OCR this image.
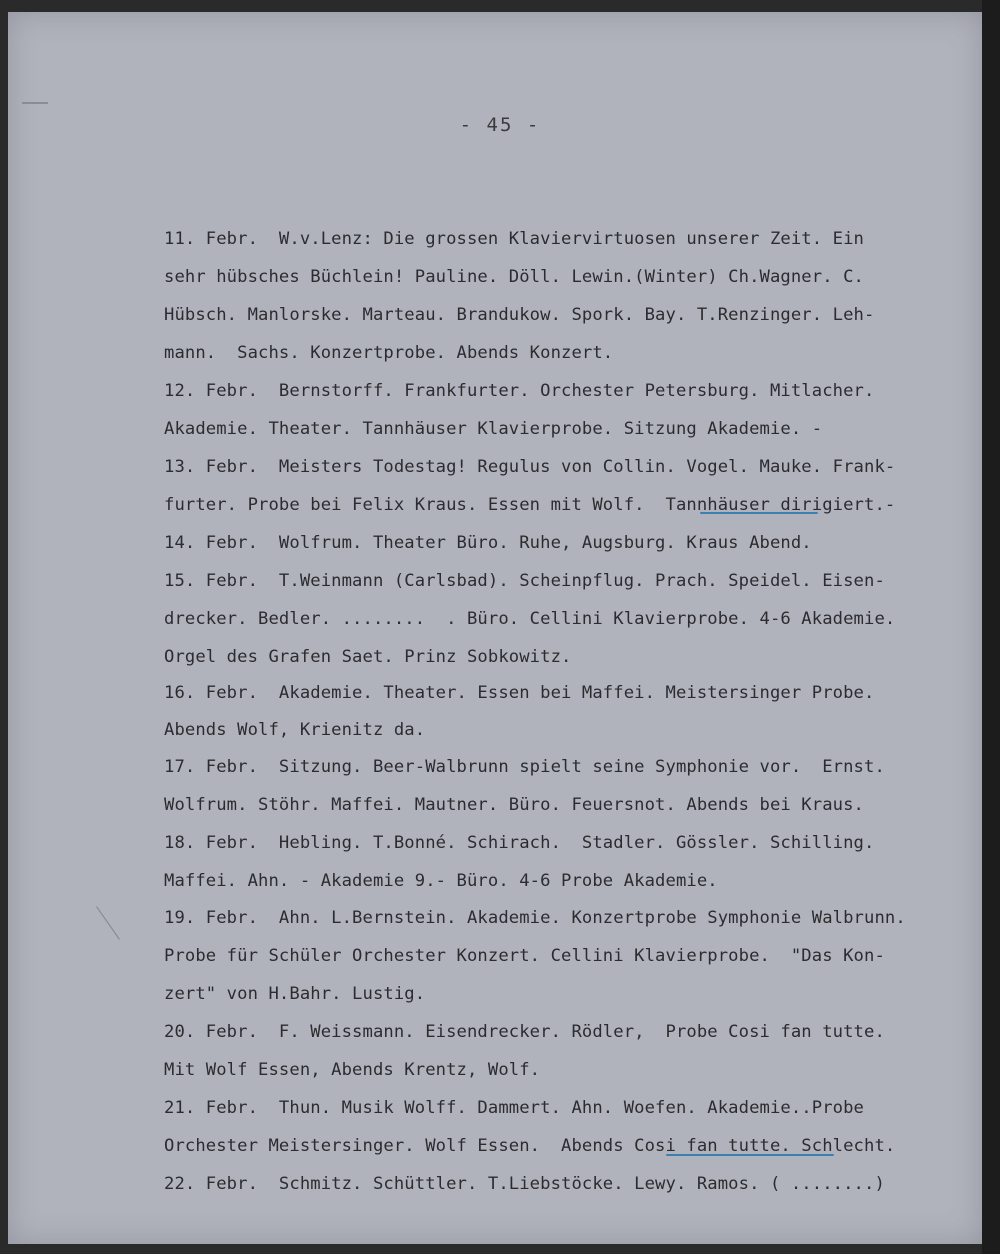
- 45 -
11. Febr.  W.v.Lenz: Die grossen Klaviervirtuosen unserer Zeit. Ein
sehr hübsches Büchlein! Pauline. Döll. Lewin.(Winter) Ch.Wagner. C.
Hübsch. Manlorske. Marteau. Brandukow. Spork. Bay. T.Renzinger. Leh-
mann.  Sachs. Konzertprobe. Abends Konzert.
12. Febr.  Bernstorff. Frankfurter. Orchester Petersburg. Mitlacher.
Akademie. Theater. Tannhäuser Klavierprobe. Sitzung Akademie. -
13. Febr.  Meisters Todestag! Regulus von Collin. Vogel. Mauke. Frank-
furter. Probe bei Felix Kraus. Essen mit Wolf.  Tannhäuser dirigiert.-
14. Febr.  Wolfrum. Theater Büro. Ruhe, Augsburg. Kraus Abend.
15. Febr.  T.Weinmann (Carlsbad). Scheinpflug. Prach. Speidel. Eisen-
drecker. Bedler. ........  . Büro. Cellini Klavierprobe. 4-6 Akademie.
Orgel des Grafen Saet. Prinz Sobkowitz.
16. Febr.  Akademie. Theater. Essen bei Maffei. Meistersinger Probe.
Abends Wolf, Krienitz da.
17. Febr.  Sitzung. Beer-Walbrunn spielt seine Symphonie vor.  Ernst.
Wolfrum. Stöhr. Maffei. Mautner. Büro. Feuersnot. Abends bei Kraus.
18. Febr.  Hebling. T.Bonné. Schirach.  Stadler. Gössler. Schilling.
Maffei. Ahn. - Akademie 9.- Büro. 4-6 Probe Akademie.
19. Febr.  Ahn. L.Bernstein. Akademie. Konzertprobe Symphonie Walbrunn.
Probe für Schüler Orchester Konzert. Cellini Klavierprobe.  "Das Kon-
zert" von H.Bahr. Lustig.
20. Febr.  F. Weissmann. Eisendrecker. Rödler,  Probe Cosi fan tutte.
Mit Wolf Essen, Abends Krentz, Wolf.
21. Febr.  Thun. Musik Wolff. Dammert. Ahn. Woefen. Akademie..Probe
Orchester Meistersinger. Wolf Essen.  Abends Cosi fan tutte. Schlecht.
22. Febr.  Schmitz. Schüttler. T.Liebstöcke. Lewy. Ramos. ( ........)
